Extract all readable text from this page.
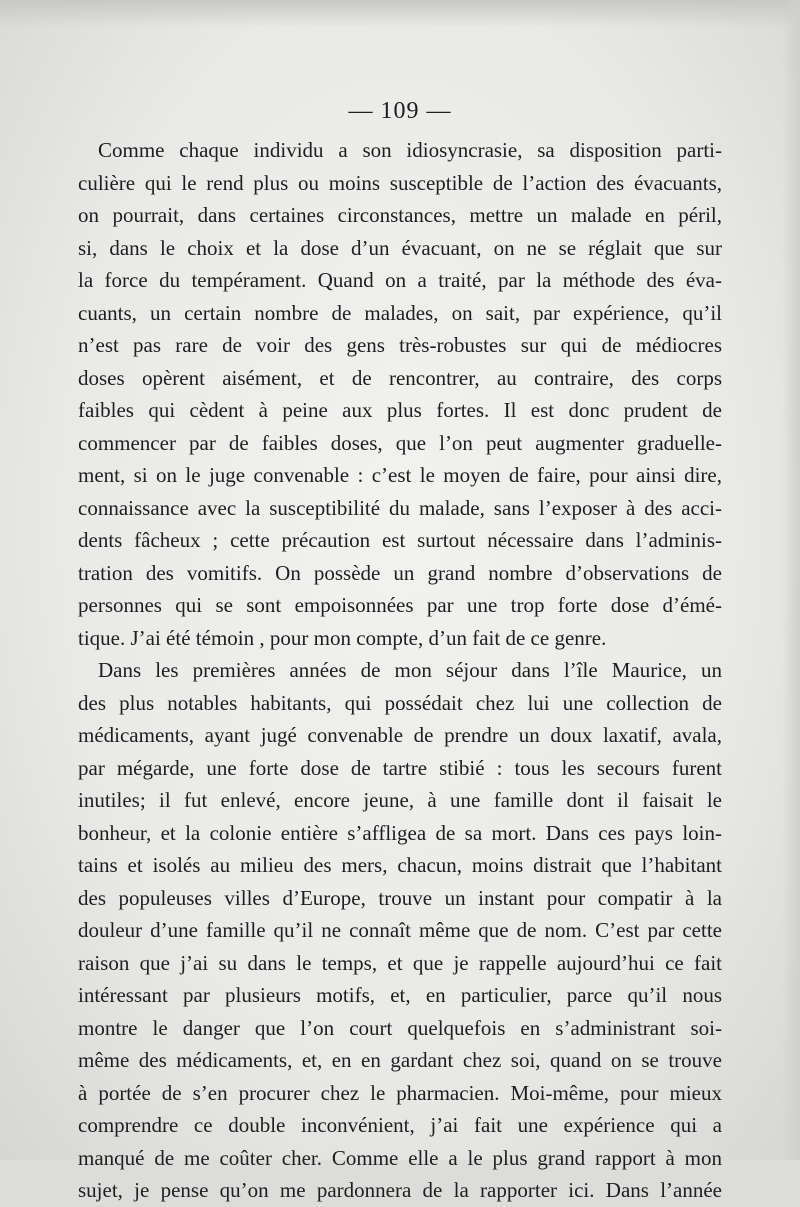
— 109 —
Comme chaque individu a son idiosyncrasie, sa disposition parti-
culière qui le rend plus ou moins susceptible de l’action des évacuants,
on pourrait, dans certaines circonstances, mettre un malade en péril,
si, dans le choix et la dose d’un évacuant, on ne se réglait que sur
la force du tempérament. Quand on a traité, par la méthode des éva-
cuants, un certain nombre de malades, on sait, par expérience, qu’il
n’est pas rare de voir des gens très-robustes sur qui de médiocres
doses opèrent aisément, et de rencontrer, au contraire, des corps
faibles qui cèdent à peine aux plus fortes. Il est donc prudent de
commencer par de faibles doses, que l’on peut augmenter graduelle-
ment, si on le juge convenable : c’est le moyen de faire, pour ainsi dire,
connaissance avec la susceptibilité du malade, sans l’exposer à des acci-
dents fâcheux ; cette précaution est surtout nécessaire dans l’adminis-
tration des vomitifs. On possède un grand nombre d’observations de
personnes qui se sont empoisonnées par une trop forte dose d’émé-
tique. J’ai été témoin , pour mon compte, d’un fait de ce genre.
Dans les premières années de mon séjour dans l’île Maurice, un
des plus notables habitants, qui possédait chez lui une collection de
médicaments, ayant jugé convenable de prendre un doux laxatif, avala,
par mégarde, une forte dose de tartre stibié : tous les secours furent
inutiles; il fut enlevé, encore jeune, à une famille dont il faisait le
bonheur, et la colonie entière s’affligea de sa mort. Dans ces pays loin-
tains et isolés au milieu des mers, chacun, moins distrait que l’habitant
des populeuses villes d’Europe, trouve un instant pour compatir à la
douleur d’une famille qu’il ne connaît même que de nom. C’est par cette
raison que j’ai su dans le temps, et que je rappelle aujourd’hui ce fait
intéressant par plusieurs motifs, et, en particulier, parce qu’il nous
montre le danger que l’on court quelquefois en s’administrant soi-
même des médicaments, et, en en gardant chez soi, quand on se trouve
à portée de s’en procurer chez le pharmacien. Moi-même, pour mieux
comprendre ce double inconvénient, j’ai fait une expérience qui a
manqué de me coûter cher. Comme elle a le plus grand rapport à mon
sujet, je pense qu’on me pardonnera de la rapporter ici. Dans l’année
